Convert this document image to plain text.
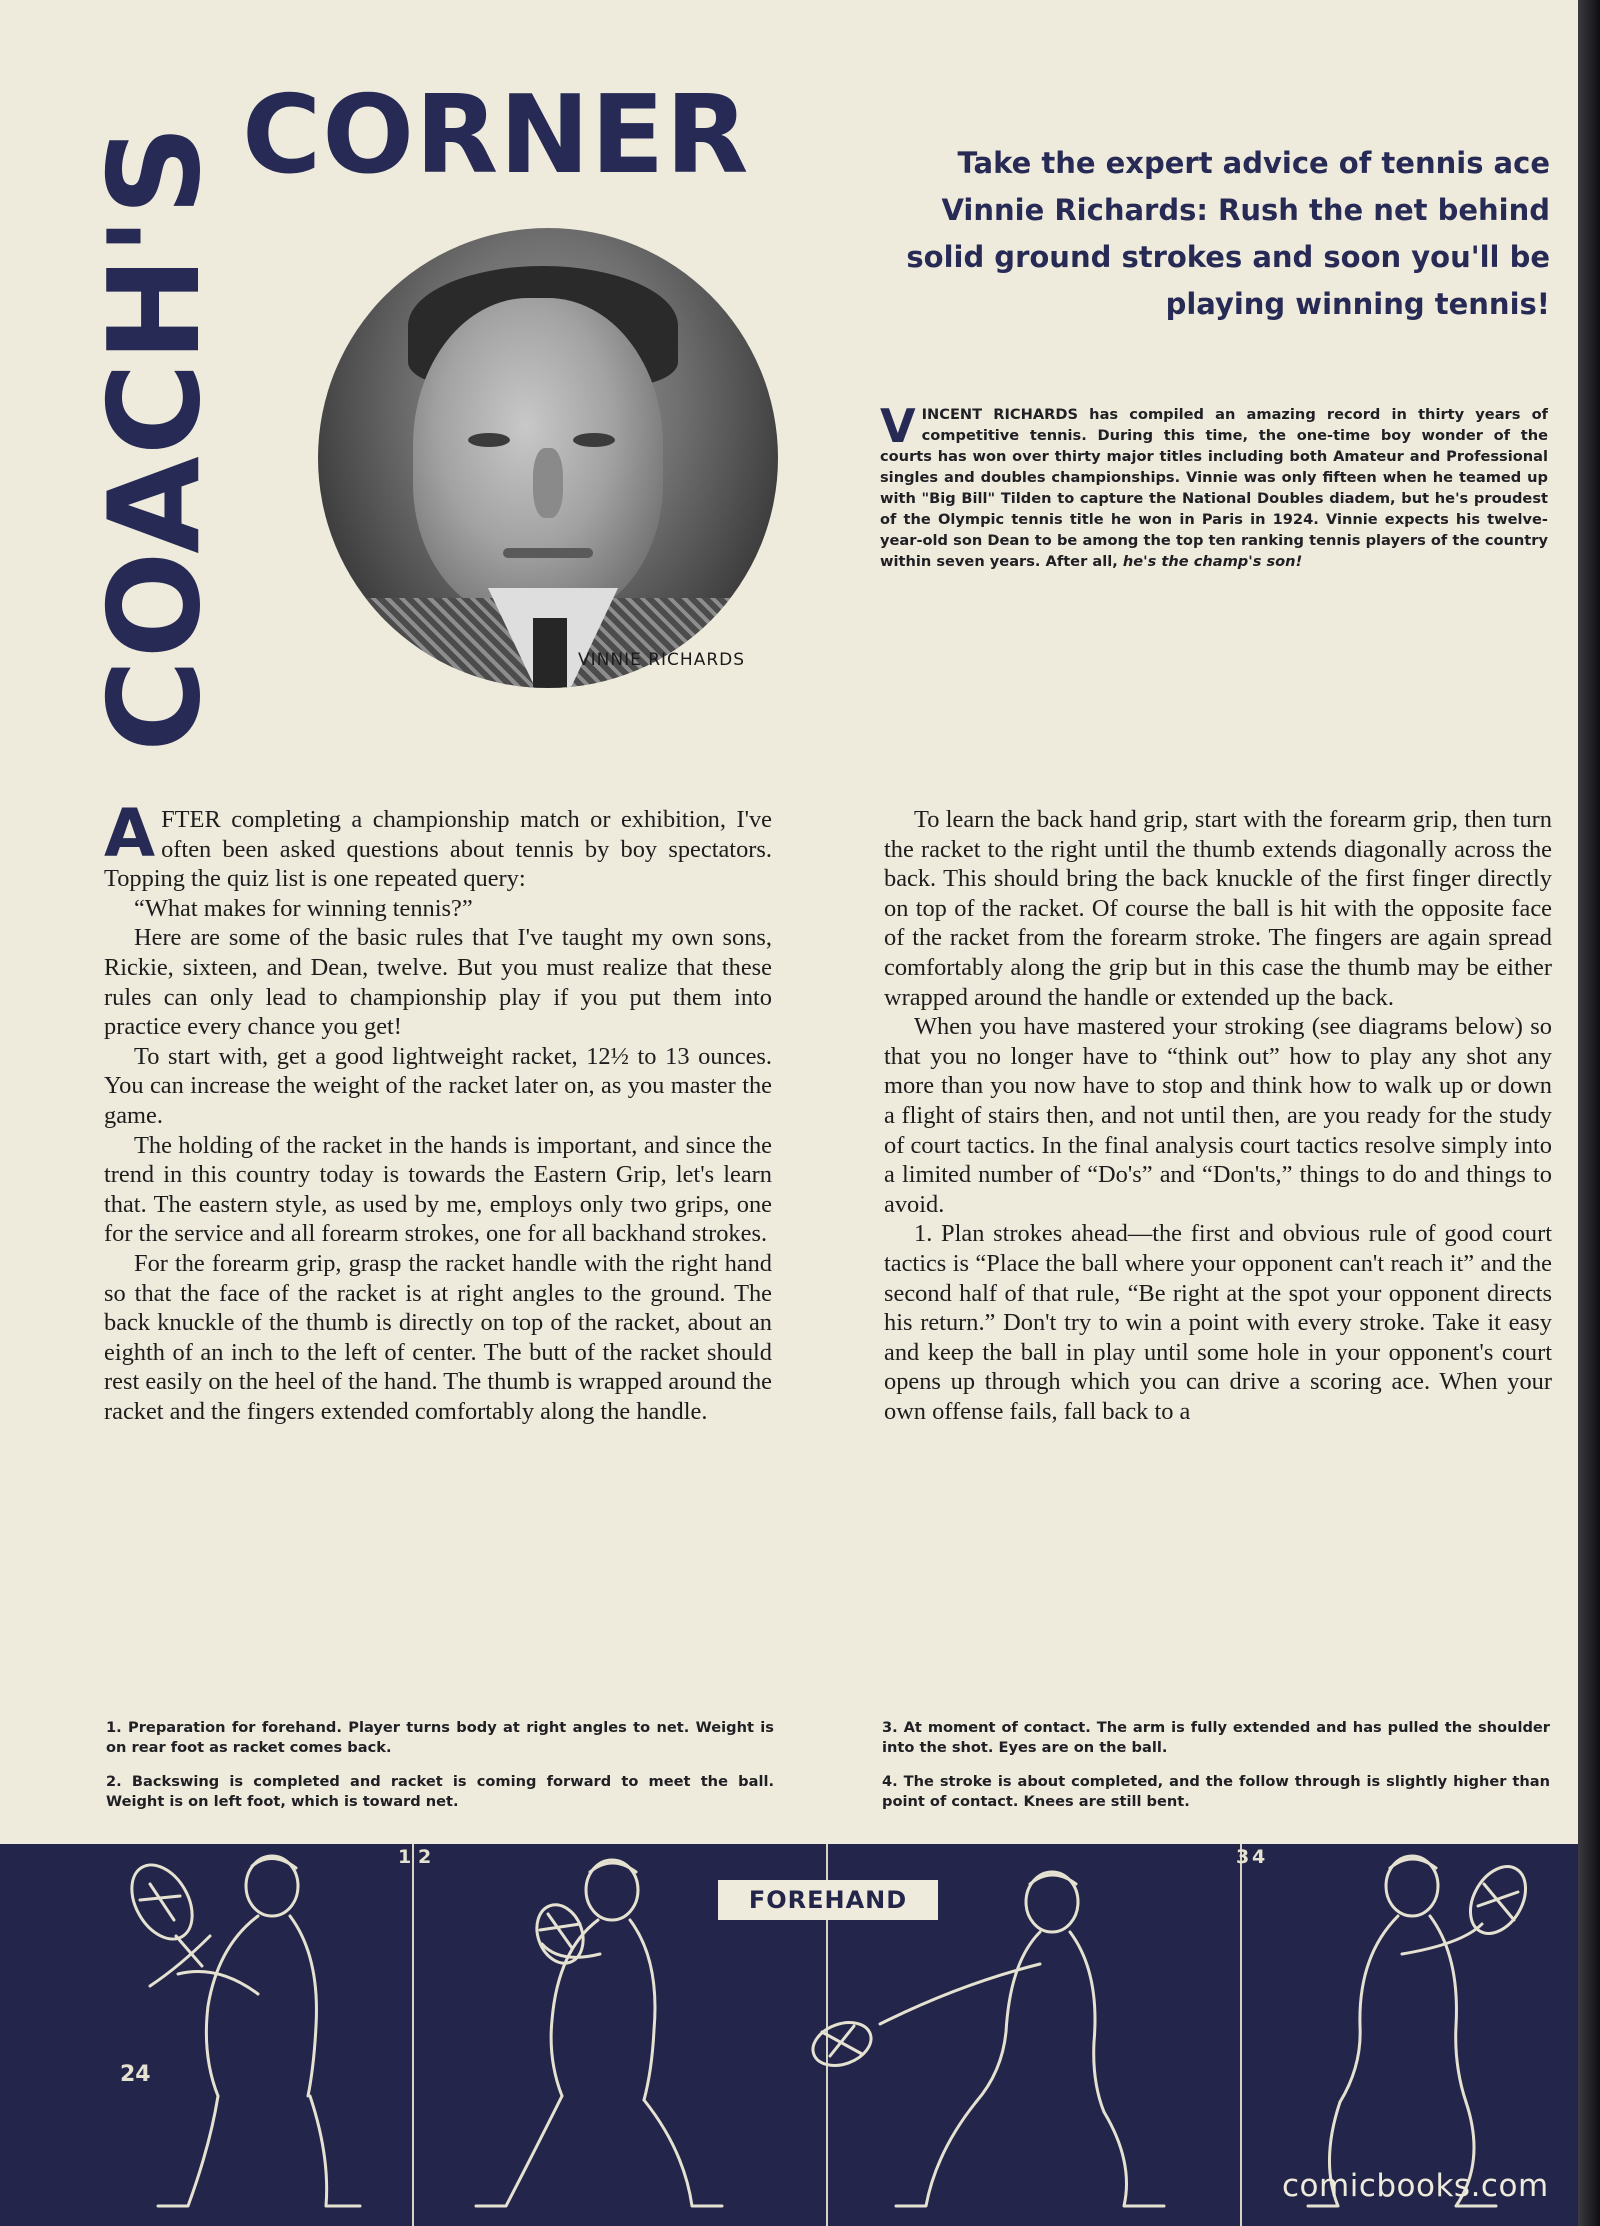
COACH'S CORNER
VINNIE RICHARDS
Take the expert advice of tennis ace Vinnie Richards: Rush the net behind solid ground strokes and soon you'll be playing winning tennis!
VINCENT RICHARDS has compiled an amazing record in thirty years of competitive tennis. During this time, the one-time boy wonder of the courts has won over thirty major titles including both Amateur and Professional singles and doubles championships. Vinnie was only fifteen when he teamed up with "Big Bill" Tilden to capture the National Doubles diadem, but he's proudest of the Olympic tennis title he won in Paris in 1924. Vinnie expects his twelve-year-old son Dean to be among the top ten ranking tennis players of the country within seven years. After all, he's the champ's son!

AFTER completing a championship match or exhibition, I've often been asked questions about tennis by boy spectators. Topping the quiz list is one repeated query:

“What makes for winning tennis?”

Here are some of the basic rules that I've taught my own sons, Rickie, sixteen, and Dean, twelve. But you must realize that these rules can only lead to championship play if you put them into practice every chance you get!

To start with, get a good lightweight racket, 12½ to 13 ounces. You can increase the weight of the racket later on, as you master the game.

The holding of the racket in the hands is important, and since the trend in this country today is towards the Eastern Grip, let's learn that. The eastern style, as used by me, employs only two grips, one for the service and all forearm strokes, one for all backhand strokes.

For the forearm grip, grasp the racket handle with the right hand so that the face of the racket is at right angles to the ground. The back knuckle of the thumb is directly on top of the racket, about an eighth of an inch to the left of center. The butt of the racket should rest easily on the heel of the hand. The thumb is wrapped around the racket and the fingers extended comfortably along the handle.

To learn the back hand grip, start with the forearm grip, then turn the racket to the right until the thumb extends diagonally across the back. This should bring the back knuckle of the first finger directly on top of the racket. Of course the ball is hit with the opposite face of the racket from the forearm stroke. The fingers are again spread comfortably along the grip but in this case the thumb may be either wrapped around the handle or extended up the back.

When you have mastered your stroking (see diagrams below) so that you no longer have to “think out” how to play any shot any more than you now have to stop and think how to walk up or down a flight of stairs then, and not until then, are you ready for the study of court tactics. In the final analysis court tactics resolve simply into a limited number of “Do's” and “Don'ts,” things to do and things to avoid.

1. Plan strokes ahead—the first and obvious rule of good court tactics is “Place the ball where your opponent can't reach it” and the second half of that rule, “Be right at the spot your opponent directs his return.” Don't try to win a point with every stroke. Take it easy and keep the ball in play until some hole in your opponent's court opens up through which you can drive a scoring ace. When your own offense fails, fall back to a

1. Preparation for forehand. Player turns body at right angles to net. Weight is on rear foot as racket comes back.

2. Backswing is completed and racket is coming forward to meet the ball. Weight is on left foot, which is toward net.

3. At moment of contact. The arm is fully extended and has pulled the shoulder into the shot. Eyes are on the ball.

4. The stroke is about completed, and the follow through is slightly higher than point of contact. Knees are still bent.

1 2	3 4
FOREHAND
24
comicbooks.com
